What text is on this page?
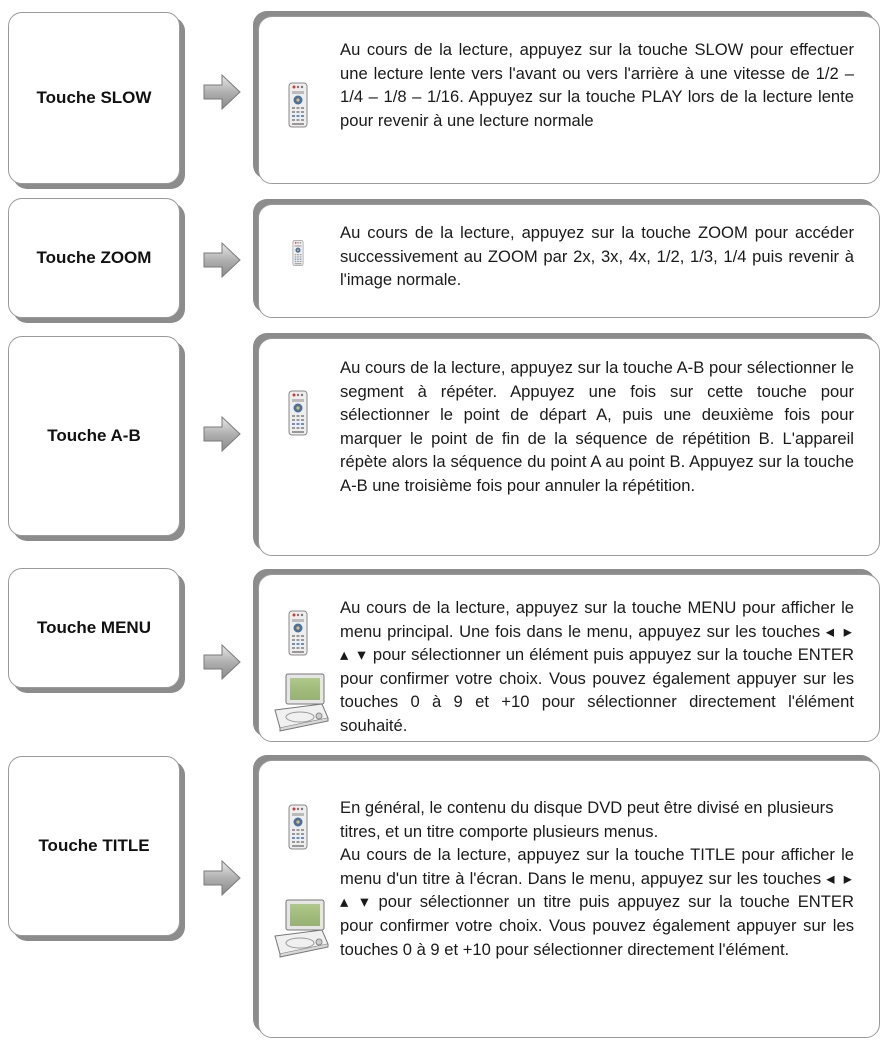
Touche SLOW

Au cours de la lecture, appuyez sur la touche SLOW pour effectuer une lecture lente vers l'avant ou vers l'arrière à une vitesse de 1/2 – 1/4 – 1/8 – 1/16. Appuyez sur la touche PLAY lors de la lecture lente pour revenir à une lecture normale

Touche ZOOM

Au cours de la lecture, appuyez sur la touche ZOOM pour accéder successivement au ZOOM par 2x, 3x, 4x, 1/2, 1/3, 1/4 puis revenir à l'image normale.

Touche A-B

Au cours de la lecture, appuyez sur la touche A-B pour sélectionner le segment à répéter. Appuyez une fois sur cette touche pour sélectionner le point de départ A, puis une deuxième fois pour marquer le point de fin de la séquence de répétition B. L'appareil répète alors la séquence du point A au point B. Appuyez sur la touche A-B une troisième fois pour annuler la répétition.

Touche MENU

Au cours de la lecture, appuyez sur la touche MENU pour afficher le menu principal. Une fois dans le menu, appuyez sur les touches ◂ ▸ ▴ ▾ pour sélectionner un élément puis appuyez sur la touche ENTER pour confirmer votre choix. Vous pouvez également appuyer sur les touches 0 à 9 et +10 pour sélectionner directement l'élément souhaité.

Touche TITLE
En général, le contenu du disque DVD peut être divisé en plusieurs titres, et un titre comporte plusieurs menus.
Au cours de la lecture, appuyez sur la touche TITLE pour afficher le menu d'un titre à l'écran. Dans le menu, appuyez sur les touches ◂ ▸ ▴ ▾ pour sélectionner un titre puis appuyez sur la touche ENTER pour confirmer votre choix. Vous pouvez également appuyer sur les touches 0 à 9 et +10 pour sélectionner directement l'élément.
